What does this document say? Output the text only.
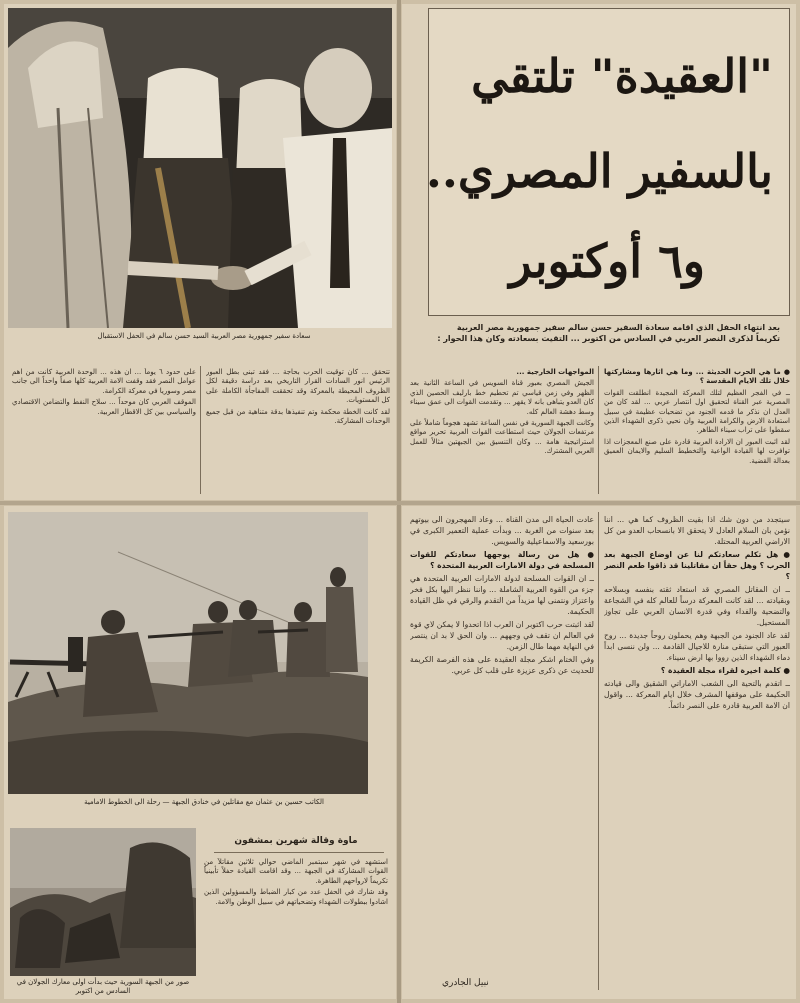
سعادة سفير جمهورية مصر العربية السيد حسن سالم في الحفل الاستقبال

تتحقق ... كان توقيت الحرب بحاجة ... فقد تبنى بطل العبور الرئيس انور السادات القرار التاريخي بعد دراسة دقيقة لكل الظروف المحيطة بالمعركة وقد تحققت المفاجأة الكاملة على كل المستويات.

لقد كانت الخطة محكمة وتم تنفيذها بدقة متناهية من قبل جميع الوحدات المشاركة.

على حدود ٦ يوماً ... ان هذه ... الوحدة العربية كانت من اهم عوامل النصر فقد وقفت الامة العربية كلها صفاً واحداً الى جانب مصر وسوريا في معركة الكرامة.

الموقف العربي كان موحداً ... سلاح النفط والتضامن الاقتصادي والسياسي بين كل الاقطار العربية.

"العقيدة" تلتقي
بالسفير المصري..
و٦ أوكتوبر
بعد انتهاء الحفل الذي اقامه سعادة السفير حسن سالم سفير جمهورية مصر العربية تكريماً لذكرى النصر العربي في السادس من اكتوبر ... التقيت بسعادته وكان هذا الحوار :

● ما هي الحرب الحديثة ... وما هي اثارها ومشاركتها خلال تلك الايام المقدسة ؟

ــ في الفجر العظيم لتلك المعركة المجيدة انطلقت القوات المصرية عبر القناة لتحقيق اول انتصار عربي ... لقد كان من العدل ان نذكر ما قدمه الجنود من تضحيات عظيمة في سبيل استعادة الارض والكرامة العربية وان نحيي ذكرى الشهداء الذين سقطوا على تراب سيناء الطاهر.

لقد اثبت العبور ان الارادة العربية قادرة على صنع المعجزات اذا توافرت لها القيادة الواعية والتخطيط السليم والايمان العميق بعدالة القضية.

المواجهات الخارجية ...

الجيش المصري بعبور قناة السويس في الساعة الثانية بعد الظهر وفي زمن قياسي تم تحطيم خط بارليف الحصين الذي كان العدو يتباهى بانه لا يقهر ... وتقدمت القوات الى عمق سيناء وسط دهشة العالم كله.

وكانت الجبهة السورية في نفس الساعة تشهد هجوماً شاملاً على مرتفعات الجولان حيث استطاعت القوات العربية تحرير مواقع استراتيجية هامة ... وكان التنسيق بين الجبهتين مثالاً للعمل العربي المشترك.

الكاتب حسين بن عثمان مع مقاتلين في خنادق الجبهة — رحلة الى الخطوط الامامية
صور من الجبهة السورية حيث بدأت اولى معارك الجولان في السادس من اكتوبر
ماوة وقالة شهرين بمشفون

استشهد في شهر سبتمبر الماضي حوالي ثلاثين مقاتلاً من القوات المشاركة في الجبهة ... وقد اقامت القيادة حفلاً تأبينياً تكريماً لارواحهم الطاهرة.

وقد شارك في الحفل عدد من كبار الضباط والمسؤولين الذين اشادوا ببطولات الشهداء وتضحياتهم في سبيل الوطن والامة.

سيتجدد من دون شك اذا بقيت الظروف كما هي ... اننا نؤمن بان السلام العادل لا يتحقق الا بانسحاب العدو من كل الاراضي العربية المحتلة.

● هل تكلم سعادتكم لنا عن اوضاع الجبهة بعد الحرب ؟ وهل حقاً ان مقاتلينا قد ذاقوا طعم النصر ؟

ــ ان المقاتل المصري قد استعاد ثقته بنفسه وبسلاحه وبقيادته ... لقد كانت المعركة درساً للعالم كله في الشجاعة والتضحية والفداء وفي قدرة الانسان العربي على تجاوز المستحيل.

لقد عاد الجنود من الجبهة وهم يحملون روحاً جديدة ... روح العبور التي ستبقى منارة للاجيال القادمة ... ولن ننسى ابداً دماء الشهداء الذين رووا بها ارض سيناء.

● كلمة اخيرة لقراء مجلة العقيدة ؟

ــ اتقدم بالتحية الى الشعب الاماراتي الشقيق والى قيادته الحكيمة على موقفها المشرف خلال ايام المعركة ... واقول ان الامة العربية قادرة على النصر دائماً.

عادت الحياة الى مدن القناة ... وعاد المهجرون الى بيوتهم بعد سنوات من الغربة ... وبدأت عملية التعمير الكبرى في بورسعيد والاسماعيلية والسويس.

● هل من رسالة يوجهها سعادتكم للقوات المسلحة في دولة الامارات العربية المتحدة ؟

ــ ان القوات المسلحة لدولة الامارات العربية المتحدة هي جزء من القوة العربية الشاملة ... واننا ننظر اليها بكل فخر واعتزاز ونتمنى لها مزيداً من التقدم والرقي في ظل القيادة الحكيمة.

لقد اثبتت حرب اكتوبر ان العرب اذا اتحدوا لا يمكن لاي قوة في العالم ان تقف في وجههم ... وان الحق لا بد ان ينتصر في النهاية مهما طال الزمن.

وفي الختام اشكر مجلة العقيدة على هذه الفرصة الكريمة للحديث عن ذكرى عزيزة على قلب كل عربي.

نبيل الجادري
